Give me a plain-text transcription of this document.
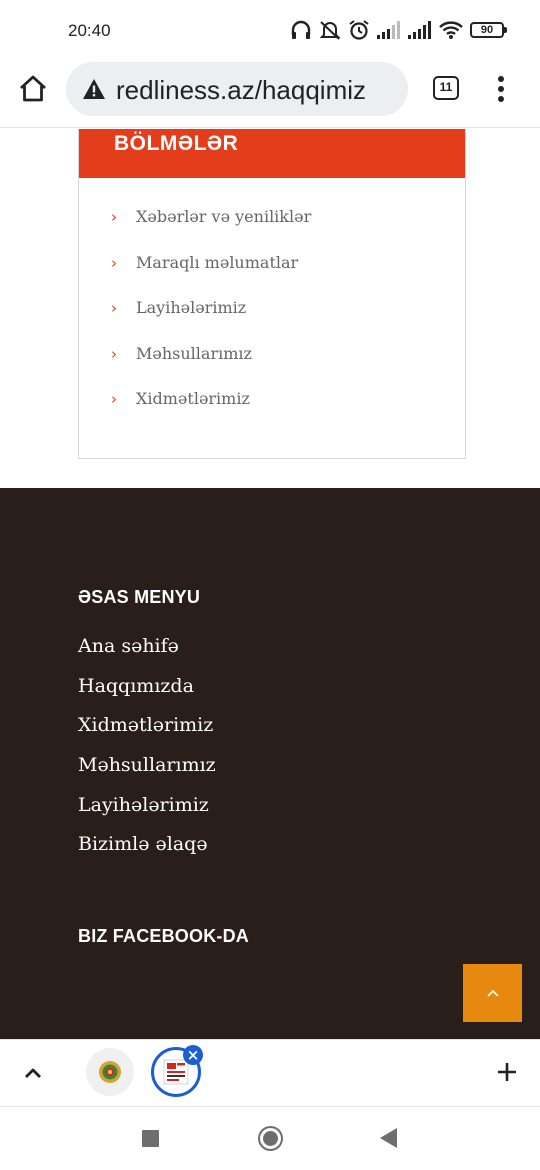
20:40	90
redliness.az/haqqimiz	11
BÖLMƏLƏR
› Xəbərlər və yeniliklər
› Maraqlı məlumatlar
› Layihələrimiz
› Məhsullarımız
› Xidmətlərimiz
ƏSAS MENYU
Ana səhifə
Haqqımızda
Xidmətlərimiz
Məhsullarımız
Layihələrimiz
Bizimlə əlaqə
BIZ FACEBOOK-DA
×
